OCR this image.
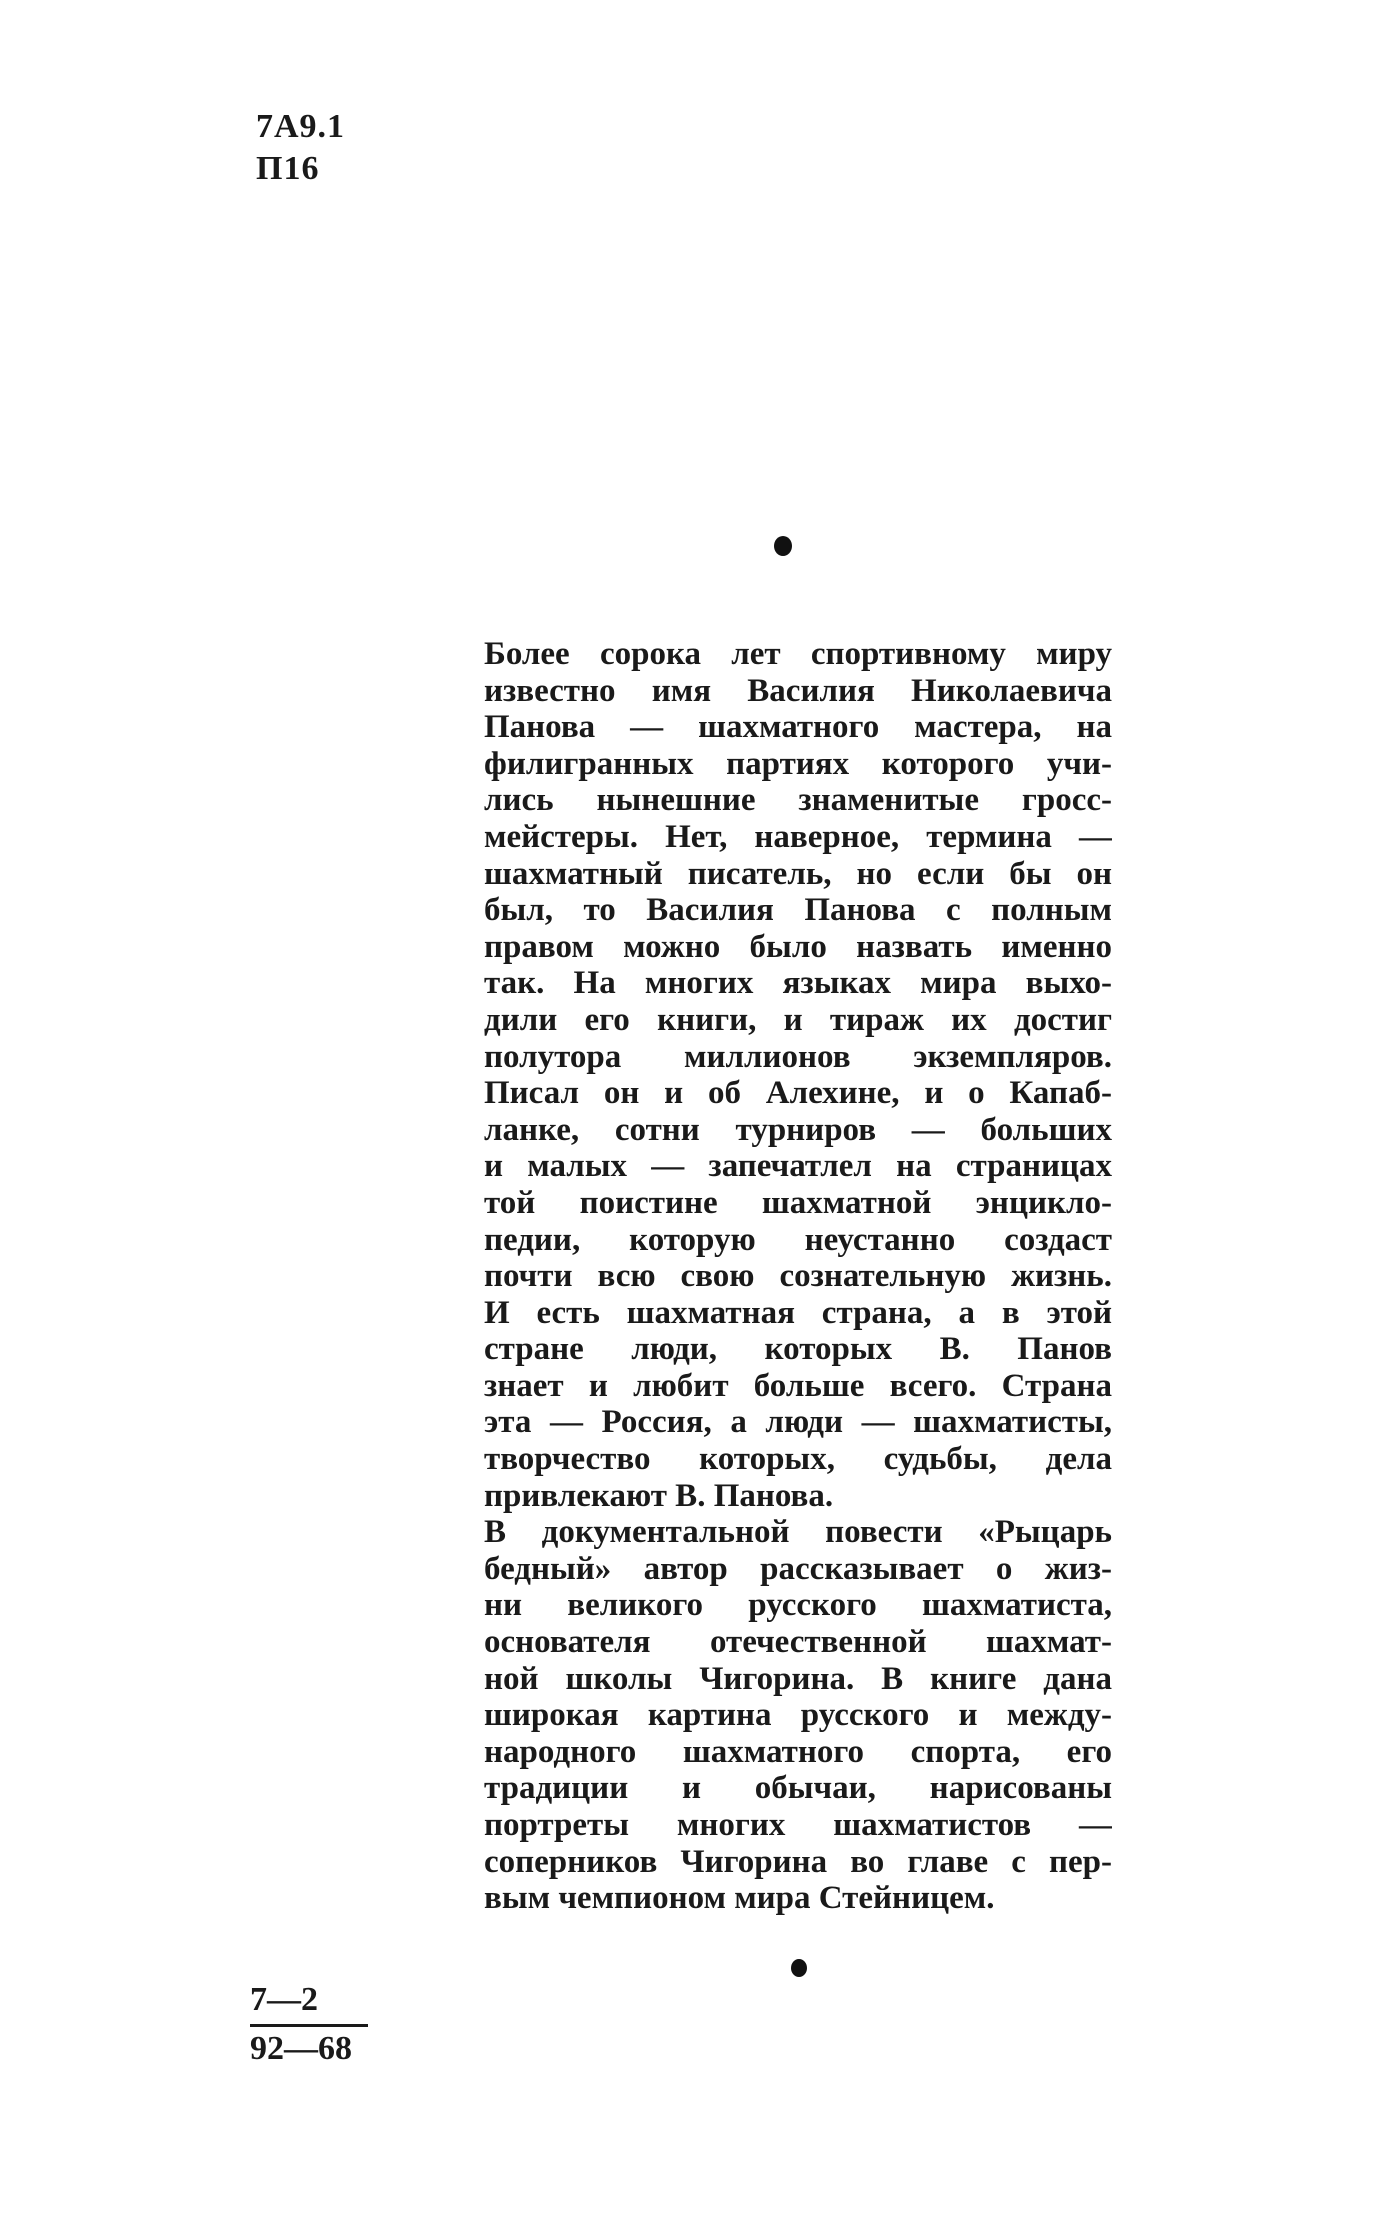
7А9.1
П16
Более сорока лет спортивному миру
известно имя Василия Николаевича
Панова — шахматного мастера, на
филигранных партиях которого учи-
лись нынешние знаменитые гросс-
мейстеры. Нет, наверное, термина —
шахматный писатель, но если бы он
был, то Василия Панова с полным
правом можно было назвать именно
так. На многих языках мира выхо-
дили его книги, и тираж их достиг
полутора миллионов экземпляров.
Писал он и об Алехине, и о Капаб-
ланке, сотни турниров — больших
и малых — запечатлел на страницах
той поистине шахматной энцикло-
педии, которую неустанно создаст
почти всю свою сознательную жизнь.
И есть шахматная страна, а в этой
стране люди, которых В. Панов
знает и любит больше всего. Страна
эта — Россия, а люди — шахматисты,
творчество которых, судьбы, дела
привлекают В. Панова.
В документальной повести «Рыцарь
бедный» автор рассказывает о жиз-
ни великого русского шахматиста,
основателя отечественной шахмат-
ной школы Чигорина. В книге дана
широкая картина русского и между-
народного шахматного спорта, его
традиции и обычаи, нарисованы
портреты многих шахматистов —
соперников Чигорина во главе с пер-
вым чемпионом мира Стейницем.
$\frac{7—2}{92—68}$
